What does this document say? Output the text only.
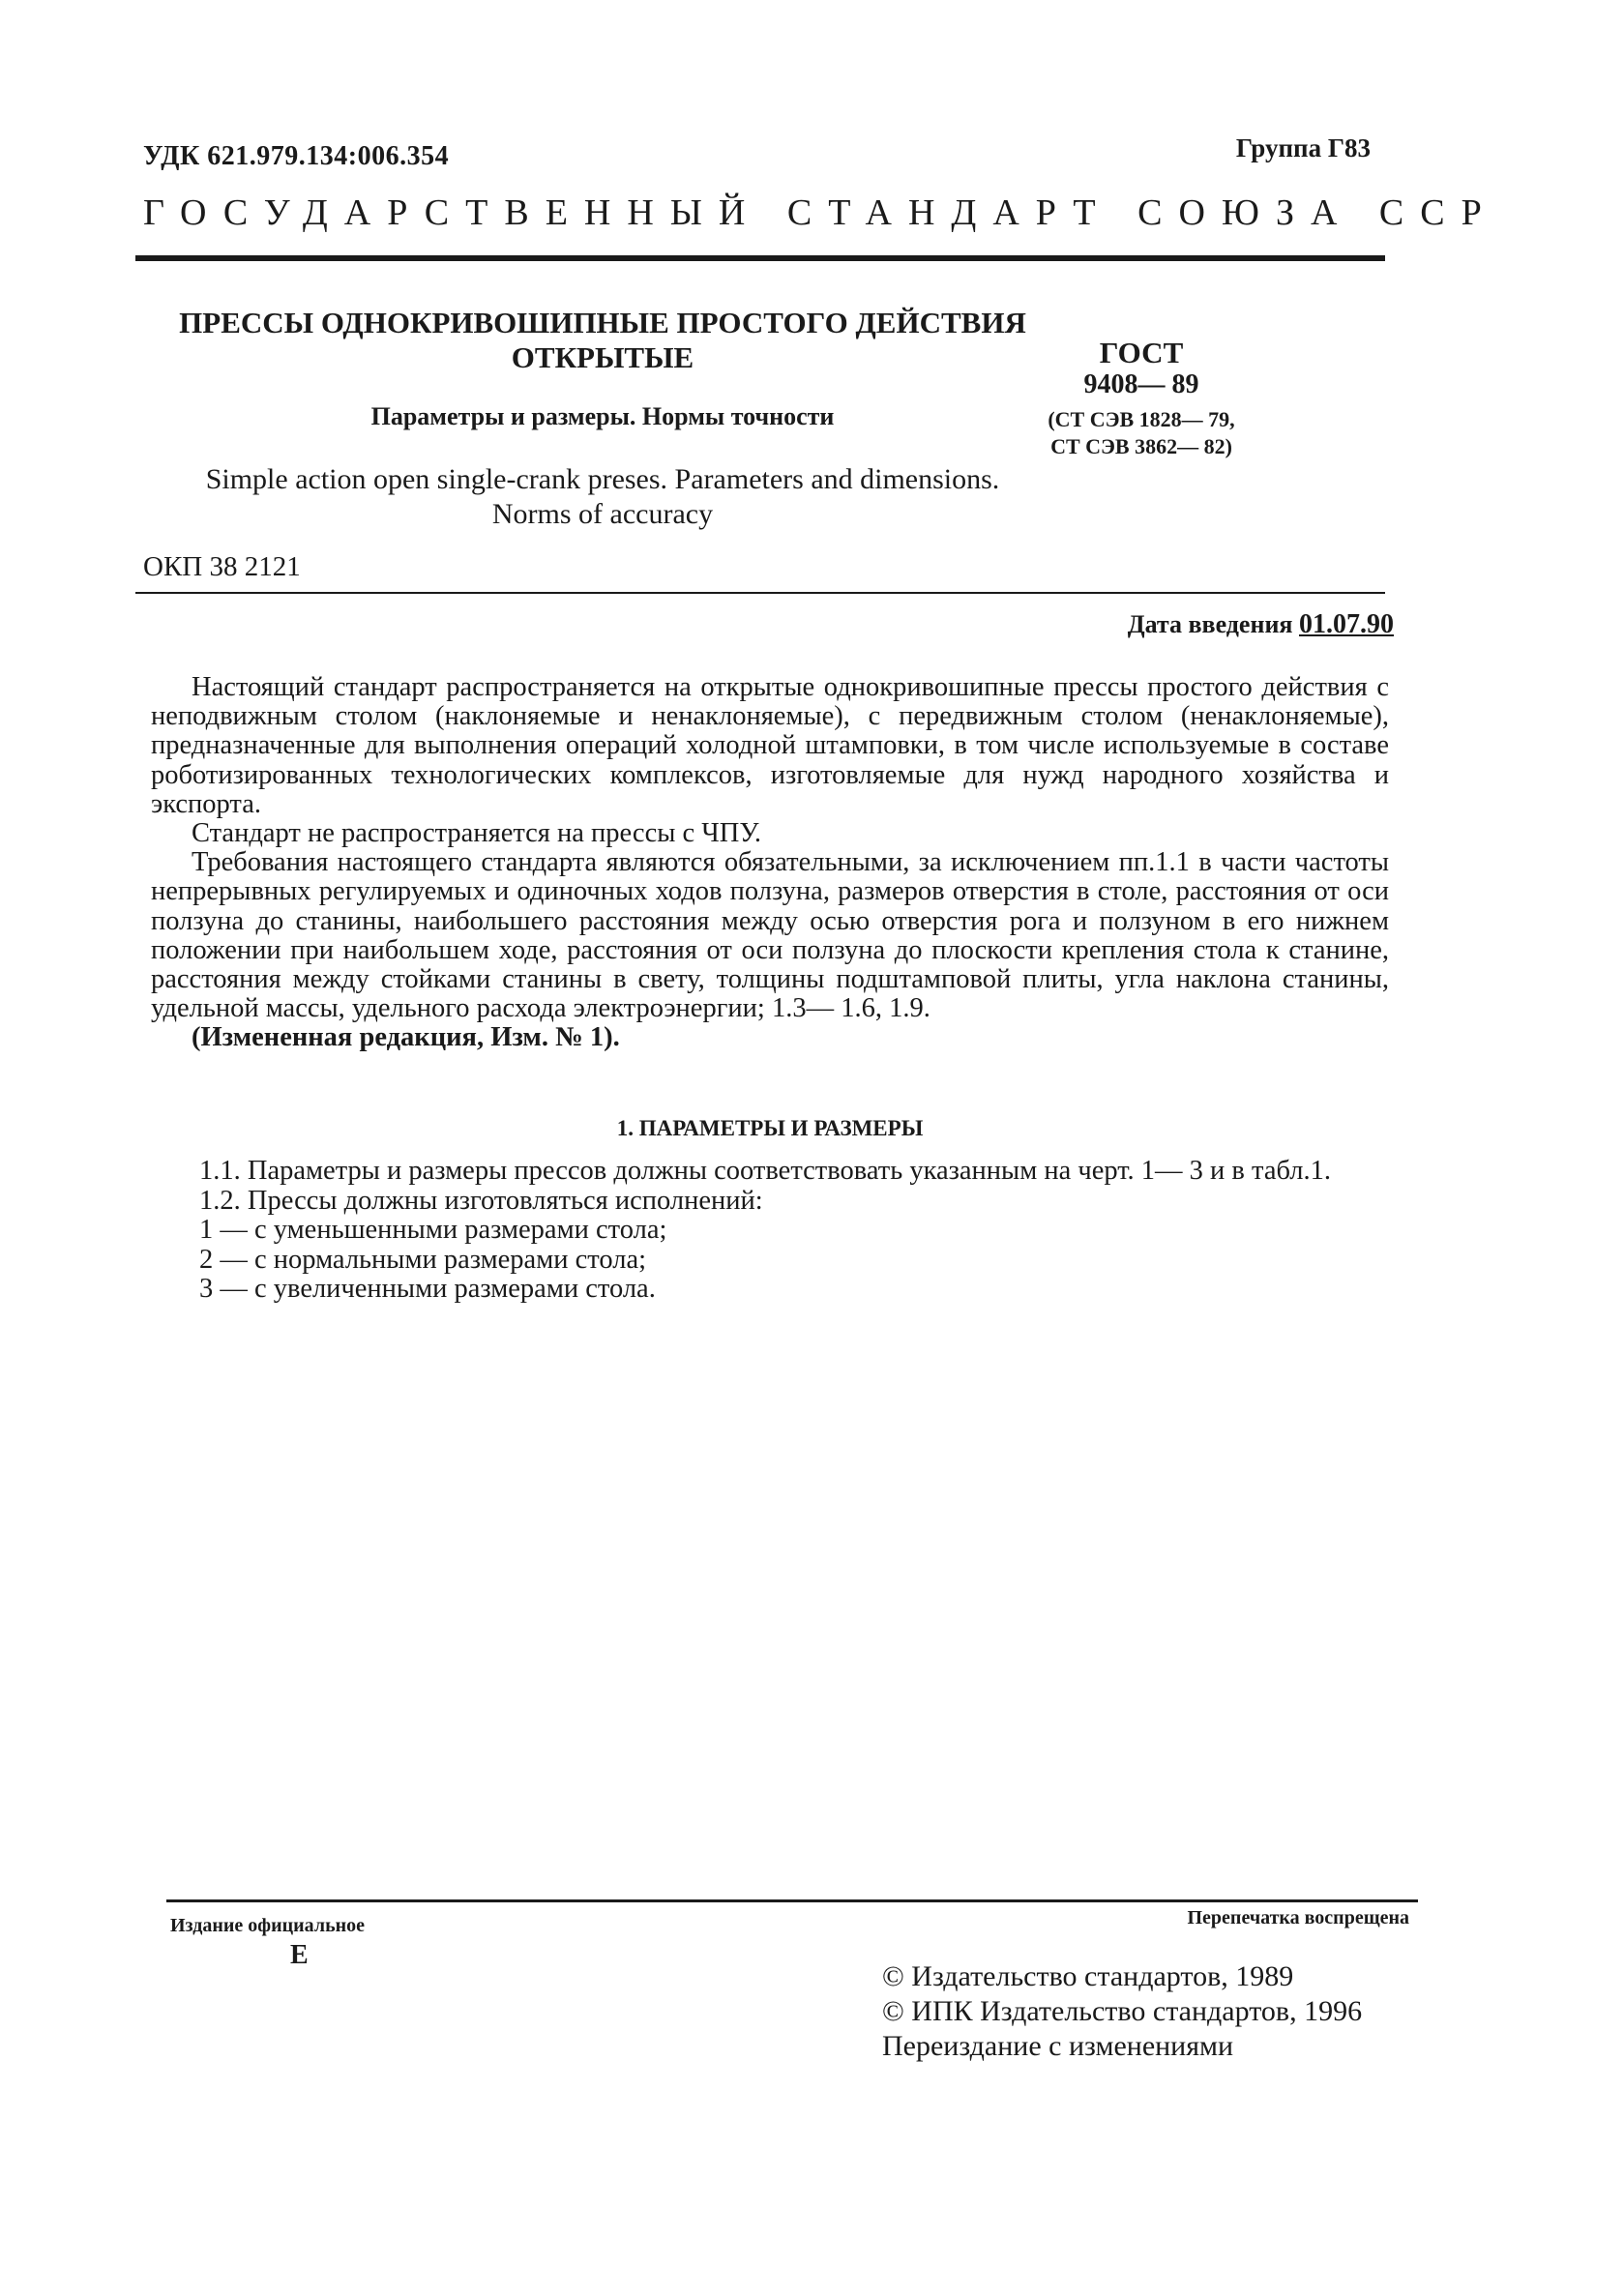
УДК 621.979.134:006.354	Группа Г83
ГОСУДАРСТВЕННЫЙ СТАНДАРТ СОЮЗА ССР
ПРЕССЫ ОДНОКРИВОШИПНЫЕ ПРОСТОГО ДЕЙСТВИЯ
ОТКРЫТЫЕ
Параметры и размеры. Нормы точности
Simple action open single-crank preses. Parameters and dimensions.
Norms of accuracy
ГОСТ
9408— 89
(СТ СЭВ 1828— 79,
СТ СЭВ 3862— 82)
ОКП 38 2121
Дата введения 01.07.90

Настоящий стандарт распространяется на открытые однокривошипные прессы простого действия с неподвижным столом (наклоняемые и ненаклоняемые), с передвижным столом (ненаклоняемые), предназначенные для выполнения операций холодной штамповки, в том числе используемые в составе роботизированных технологических комплексов, изготовляемые для нужд народного хозяйства и экспорта.

Стандарт не распространяется на прессы с ЧПУ.

Требования настоящего стандарта являются обязательными, за исключением пп.1.1 в части частоты непрерывных регулируемых и одиночных ходов ползуна, размеров отверстия в столе, расстояния от оси ползуна до станины, наибольшего расстояния между осью отверстия рога и ползуном в его нижнем положении при наибольшем ходе, расстояния от оси ползуна до плоскости крепления стола к станине, расстояния между стойками станины в свету, толщины подштамповой плиты, угла наклона станины, удельной массы, удельного расхода электроэнергии; 1.3— 1.6, 1.9.

(Измененная редакция, Изм. № 1).

1. ПАРАМЕТРЫ И РАЗМЕРЫ

1.1. Параметры и размеры прессов должны соответствовать указанным на черт. 1— 3 и в табл.1.

1.2. Прессы должны изготовляться исполнений:

1 — с уменьшенными размерами стола;

2 — с нормальными размерами стола;

3 — с увеличенными размерами стола.

Издание официальное	Перепечатка воспрещена
Е

© Издательство стандартов, 1989

© ИПК Издательство стандартов, 1996

Переиздание с изменениями
